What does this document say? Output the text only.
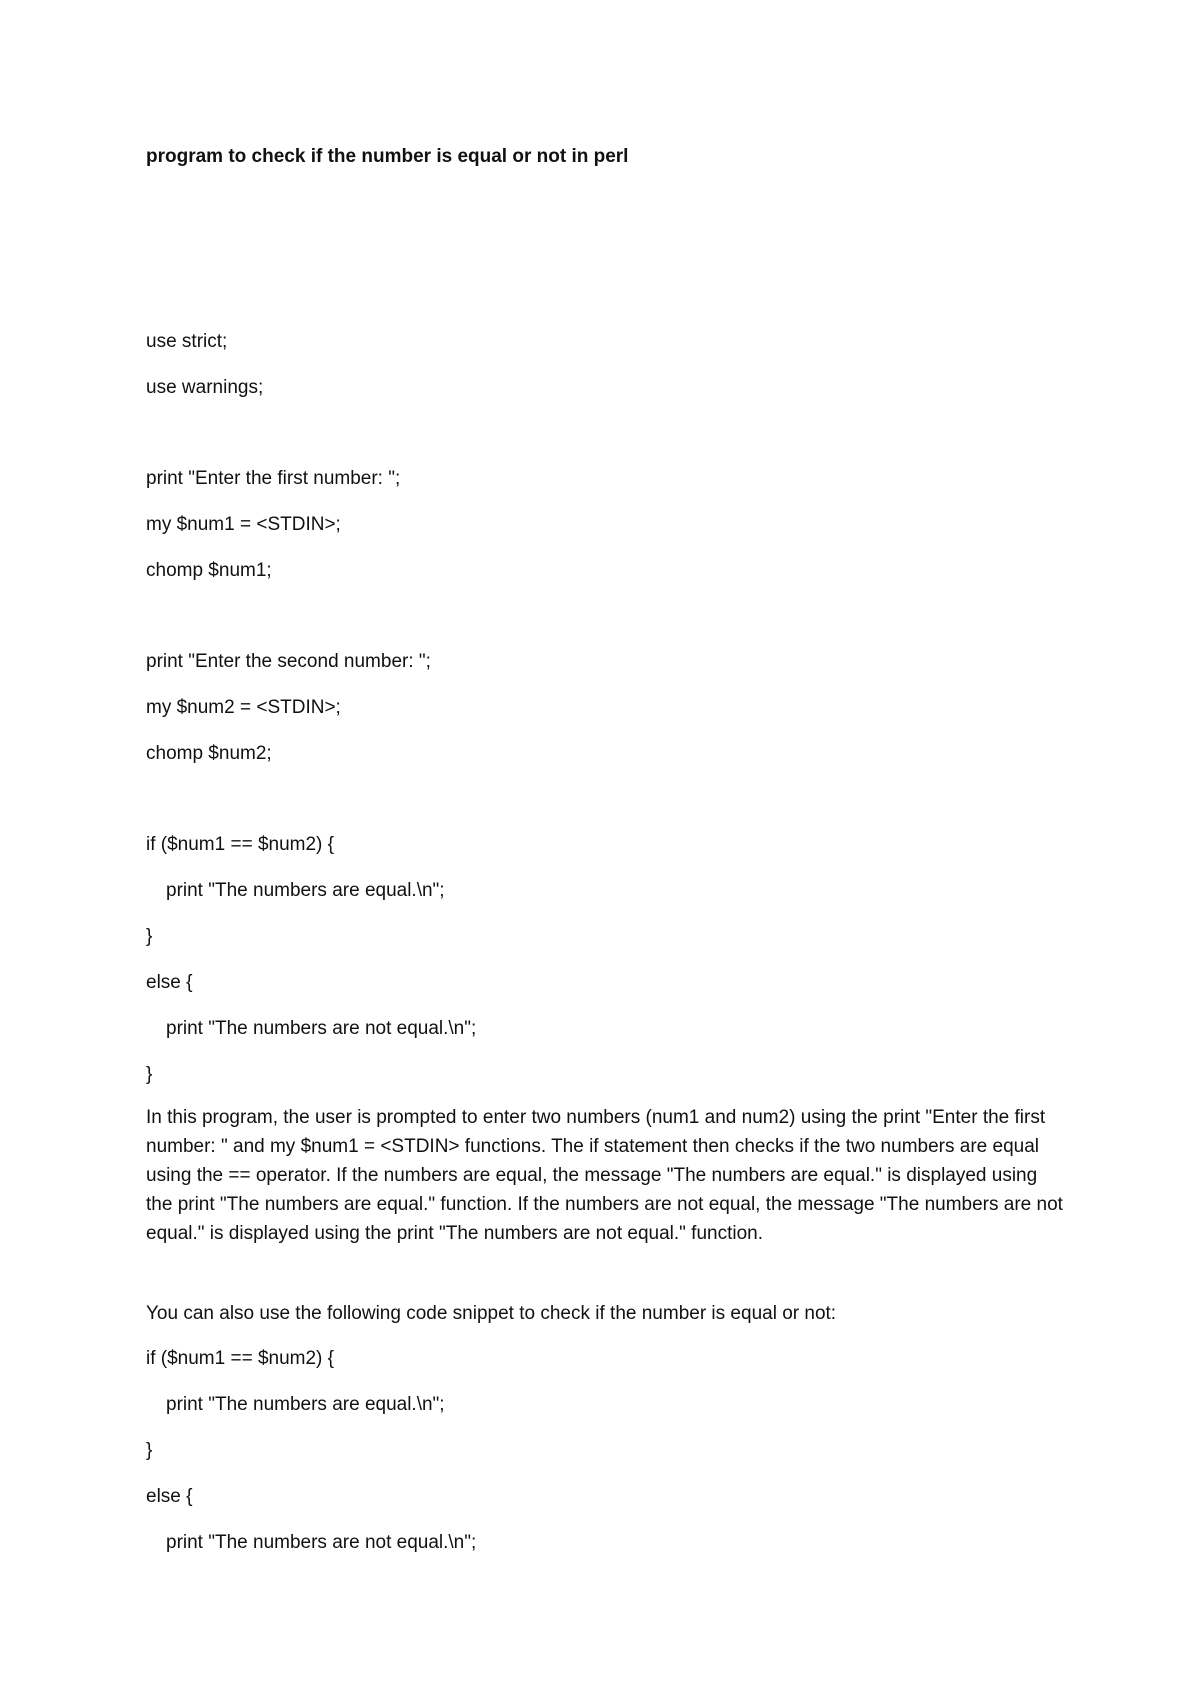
program to check if the number is equal or not in perl
use strict;
use warnings;
print "Enter the first number: ";
my $num1 = <STDIN>;
chomp $num1;
print "Enter the second number: ";
my $num2 = <STDIN>;
chomp $num2;
if ($num1 == $num2) {
print "The numbers are equal.\n";
}
else {
print "The numbers are not equal.\n";
}
In this program, the user is prompted to enter two numbers (num1 and num2) using the print "Enter the first number: " and my $num1 = <STDIN> functions. The if statement then checks if the two numbers are equal using the == operator. If the numbers are equal, the message "The numbers are equal." is displayed using the print "The numbers are equal." function. If the numbers are not equal, the message "The numbers are not equal." is displayed using the print "The numbers are not equal." function.
You can also use the following code snippet to check if the number is equal or not:
if ($num1 == $num2) {
print "The numbers are equal.\n";
}
else {
print "The numbers are not equal.\n";
